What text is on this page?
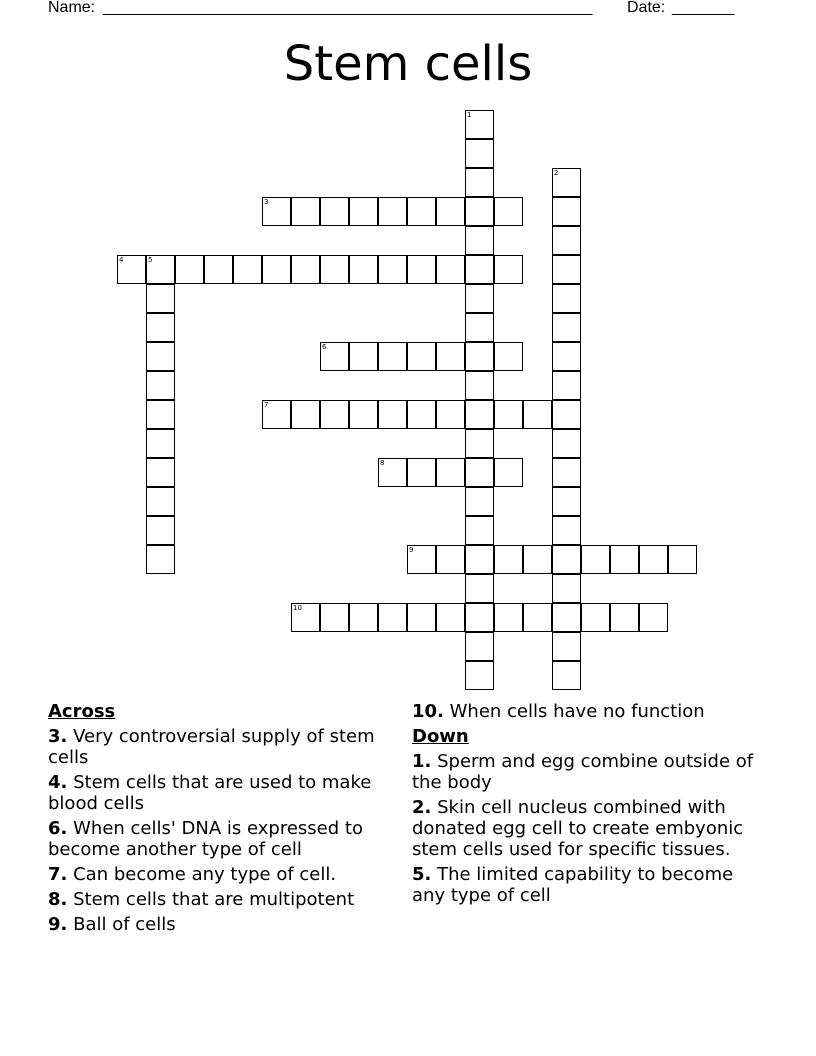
Name: _______________________________________________________ Date: _______
Stem cells
1
2
3
4	5
6
7
8
9
10
Across
3. Very controversial supply of stem cells
4. Stem cells that are used to make blood cells
6. When cells' DNA is expressed to become another type of cell
7. Can become any type of cell.
8. Stem cells that are multipotent
9. Ball of cells
10. When cells have no function
Down
1. Sperm and egg combine outside of the body
2. Skin cell nucleus combined with donated egg cell to create embyonic stem cells used for specific tissues.
5. The limited capability to become any type of cell
